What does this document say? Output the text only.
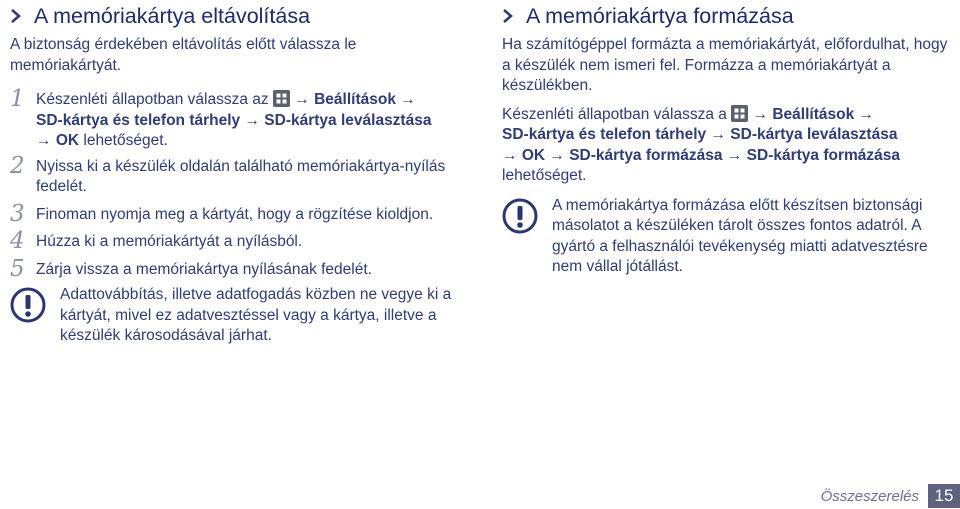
A memóriakártya eltávolítása
A biztonság érdekében eltávolítás előtt válassza le memóriakártyát.
1 Készenléti állapotban válassza az → Beállítások →
SD-kártya és telefon tárhely → SD-kártya leválasztása
→ OK lehetőséget.
2 Nyissa ki a készülék oldalán található memóriakártya-nyílás fedelét.
3 Finoman nyomja meg a kártyát, hogy a rögzítése kioldjon.
4 Húzza ki a memóriakártyát a nyílásból.
5 Zárja vissza a memóriakártya nyílásának fedelét.
Adattovábbítás, illetve adatfogadás közben ne vegye ki a kártyát, mivel ez adatvesztéssel vagy a kártya, illetve a készülék károsodásával járhat.
A memóriakártya formázása
Ha számítógéppel formázta a memóriakártyát, előfordulhat, hogy a készülék nem ismeri fel. Formázza a memóriakártyát a készülékben.
Készenléti állapotban válassza a → Beállítások →
SD-kártya és telefon tárhely → SD-kártya leválasztása
→ OK → SD-kártya formázása → SD-kártya formázása
lehetőséget.
A memóriakártya formázása előtt készítsen biztonsági másolatot a készüléken tárolt összes fontos adatról. A gyártó a felhasználói tevékenység miatti adatvesztésre nem vállal jótállást.
Összeszerelés 15
